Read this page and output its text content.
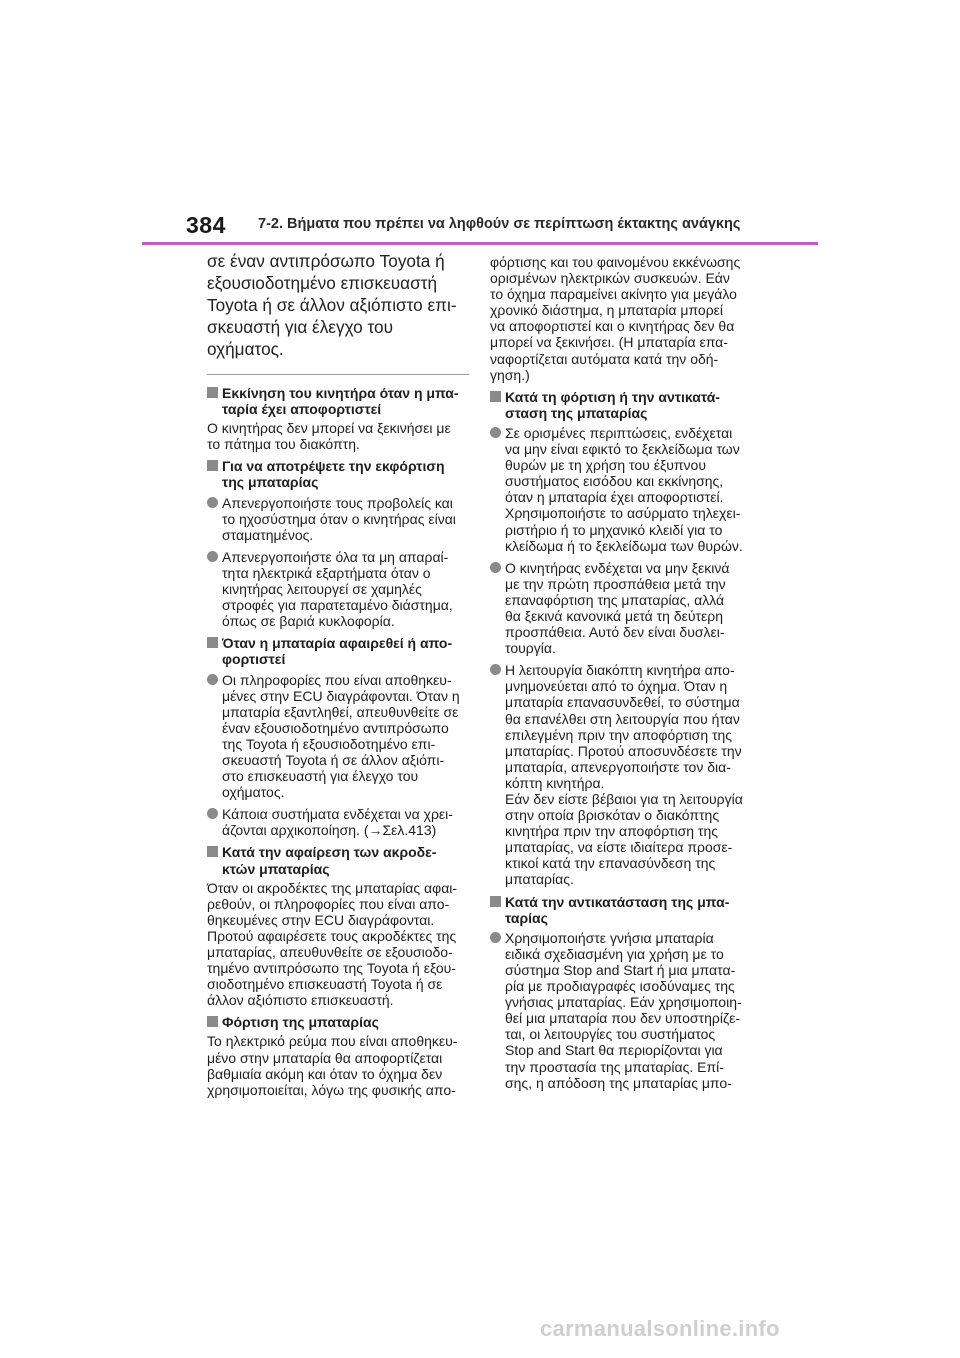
384 7-2. Βήματα που πρέπει να ληφθούν σε περίπτωση έκτακτης ανάγκης

σε έναν αντιπρόσωπο Toyota ή
εξουσιοδοτημένο επισκευαστή
Toyota ή σε άλλον αξιόπιστο επι-
σκευαστή για έλεγχο του οχήματος.

Εκκίνηση του κινητήρα όταν η μπα-
ταρία έχει αποφορτιστεί

Ο κινητήρας δεν μπορεί να ξεκινήσει με
το πάτημα του διακόπτη.

Για να αποτρέψετε την εκφόρτιση
της μπαταρίας
Απενεργοποιήστε τους προβολείς και
το ηχοσύστημα όταν ο κινητήρας είναι
σταματημένος.
Απενεργοποιήστε όλα τα μη απαραί-
τητα ηλεκτρικά εξαρτήματα όταν ο
κινητήρας λειτουργεί σε χαμηλές
στροφές για παρατεταμένο διάστημα,
όπως σε βαριά κυκλοφορία.
Όταν η μπαταρία αφαιρεθεί ή απο-
φορτιστεί
Οι πληροφορίες που είναι αποθηκευ-
μένες στην ECU διαγράφονται. Όταν η
μπαταρία εξαντληθεί, απευθυνθείτε σε
έναν εξουσιοδοτημένο αντιπρόσωπο
της Toyota ή εξουσιοδοτημένο επι-
σκευαστή Toyota ή σε άλλον αξιόπι-
στο επισκευαστή για έλεγχο του
οχήματος.
Κάποια συστήματα ενδέχεται να χρει-
άζονται αρχικοποίηση. (→Σελ.413)
Κατά την αφαίρεση των ακροδε-
κτών μπαταρίας

Όταν οι ακροδέκτες της μπαταρίας αφαι-
ρεθούν, οι πληροφορίες που είναι απο-
θηκευμένες στην ECU διαγράφονται.
Προτού αφαιρέσετε τους ακροδέκτες της
μπαταρίας, απευθυνθείτε σε εξουσιοδο-
τημένο αντιπρόσωπο της Toyota ή εξου-
σιοδοτημένο επισκευαστή Toyota ή σε
άλλον αξιόπιστο επισκευαστή.

Φόρτιση της μπαταρίας

Το ηλεκτρικό ρεύμα που είναι αποθηκευ-
μένο στην μπαταρία θα αποφορτίζεται
βαθμιαία ακόμη και όταν το όχημα δεν
χρησιμοποιείται, λόγω της φυσικής απο-

φόρτισης και του φαινομένου εκκένωσης
ορισμένων ηλεκτρικών συσκευών. Εάν
το όχημα παραμείνει ακίνητο για μεγάλο
χρονικό διάστημα, η μπαταρία μπορεί
να αποφορτιστεί και ο κινητήρας δεν θα
μπορεί να ξεκινήσει. (Η μπαταρία επα-
ναφορτίζεται αυτόματα κατά την οδή-
γηση.)

Κατά τη φόρτιση ή την αντικατά-
σταση της μπαταρίας
Σε ορισμένες περιπτώσεις, ενδέχεται
να μην είναι εφικτό το ξεκλείδωμα των
θυρών με τη χρήση του έξυπνου
συστήματος εισόδου και εκκίνησης,
όταν η μπαταρία έχει αποφορτιστεί.
Χρησιμοποιήστε το ασύρματο τηλεχει-
ριστήριο ή το μηχανικό κλειδί για το
κλείδωμα ή το ξεκλείδωμα των θυρών.
Ο κινητήρας ενδέχεται να μην ξεκινά
με την πρώτη προσπάθεια μετά την
επαναφόρτιση της μπαταρίας, αλλά
θα ξεκινά κανονικά μετά τη δεύτερη
προσπάθεια. Αυτό δεν είναι δυσλει-
τουργία.
Η λειτουργία διακόπτη κινητήρα απο-
μνημονεύεται από το όχημα. Όταν η
μπαταρία επανασυνδεθεί, το σύστημα
θα επανέλθει στη λειτουργία που ήταν
επιλεγμένη πριν την αποφόρτιση της
μπαταρίας. Προτού αποσυνδέσετε την
μπαταρία, απενεργοποιήστε τον δια-
κόπτη κινητήρα.
Εάν δεν είστε βέβαιοι για τη λειτουργία
στην οποία βρισκόταν ο διακόπτης
κινητήρα πριν την αποφόρτιση της
μπαταρίας, να είστε ιδιαίτερα προσε-
κτικοί κατά την επανασύνδεση της
μπαταρίας.
Κατά την αντικατάσταση της μπα-
ταρίας
Χρησιμοποιήστε γνήσια μπαταρία
ειδικά σχεδιασμένη για χρήση με το
σύστημα Stop and Start ή μια μπατα-
ρία με προδιαγραφές ισοδύναμες της
γνήσιας μπαταρίας. Εάν χρησιμοποιη-
θεί μια μπαταρία που δεν υποστηρίζε-
ται, οι λειτουργίες του συστήματος
Stop and Start θα περιορίζονται για
την προστασία της μπαταρίας. Επί-
σης, η απόδοση της μπαταρίας μπο-
carmanualsonline.info
